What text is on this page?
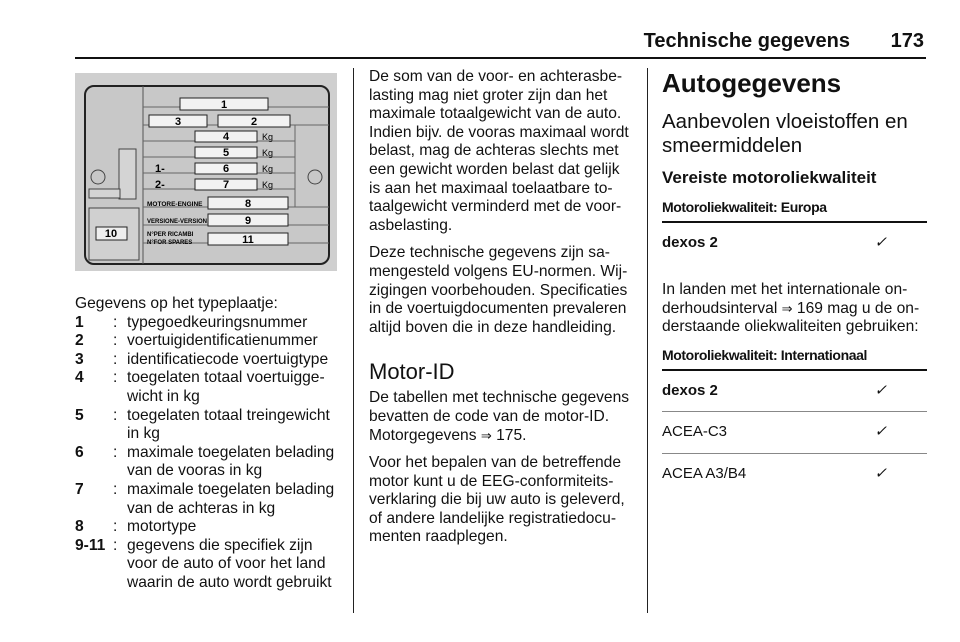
Technische gegevens 173
10
1
3	2
4	Kg
5	Kg
1-	6	Kg
2-	7	Kg
MOTORE-ENGINE	8
VERSIONE-VERSION	9
N°PER RICAMBI
N°FOR SPARES	11
Gegevens op het typeplaatje:
1	: typegoedkeuringsnummer
2	: voertuigidentificatienummer
3	: identificatiecode voertuigtype
4	: toegelaten totaal voertuiggewicht in kg
5	: toegelaten totaal treingewicht in kg
6	: maximale toegelaten belading van de vooras in kg
7	: maximale toegelaten belading van de achteras in kg
8	: motortype
9-11 : gegevens die specifiek zijn voor de auto of voor het land waarin de auto wordt gebruikt

De som van de voor- en achterasbelasting mag niet groter zijn dan het maximale totaalgewicht van de auto. Indien bijv. de vooras maximaal wordt belast, mag de achteras slechts met een gewicht worden belast dat gelijk is aan het maximaal toelaatbare totaalgewicht verminderd met de voorasbelasting.

Deze technische gegevens zijn samengesteld volgens EU-normen. Wijzigingen voorbehouden. Specificaties in de voertuigdocumenten prevaleren altijd boven die in deze handleiding.

Motor-ID

De tabellen met technische gegevens bevatten de code van de motor-ID. Motorgegevens ⇒ 175.

Voor het bepalen van de betreffende motor kunt u de EEG-conformiteitsverklaring die bij uw auto is geleverd, of andere landelijke registratiedocumenten raadplegen.

Autogegevens
Aanbevolen vloeistoffen en smeermiddelen
Vereiste motoroliekwaliteit
Motoroliekwaliteit: Europa
dexos 2	✓

In landen met het internationale onderhoudsinterval ⇒ 169 mag u de onderstaande oliekwaliteiten gebruiken:

Motoroliekwaliteit: Internationaal
dexos 2	✓
ACEA-C3	✓
ACEA A3/B4	✓
